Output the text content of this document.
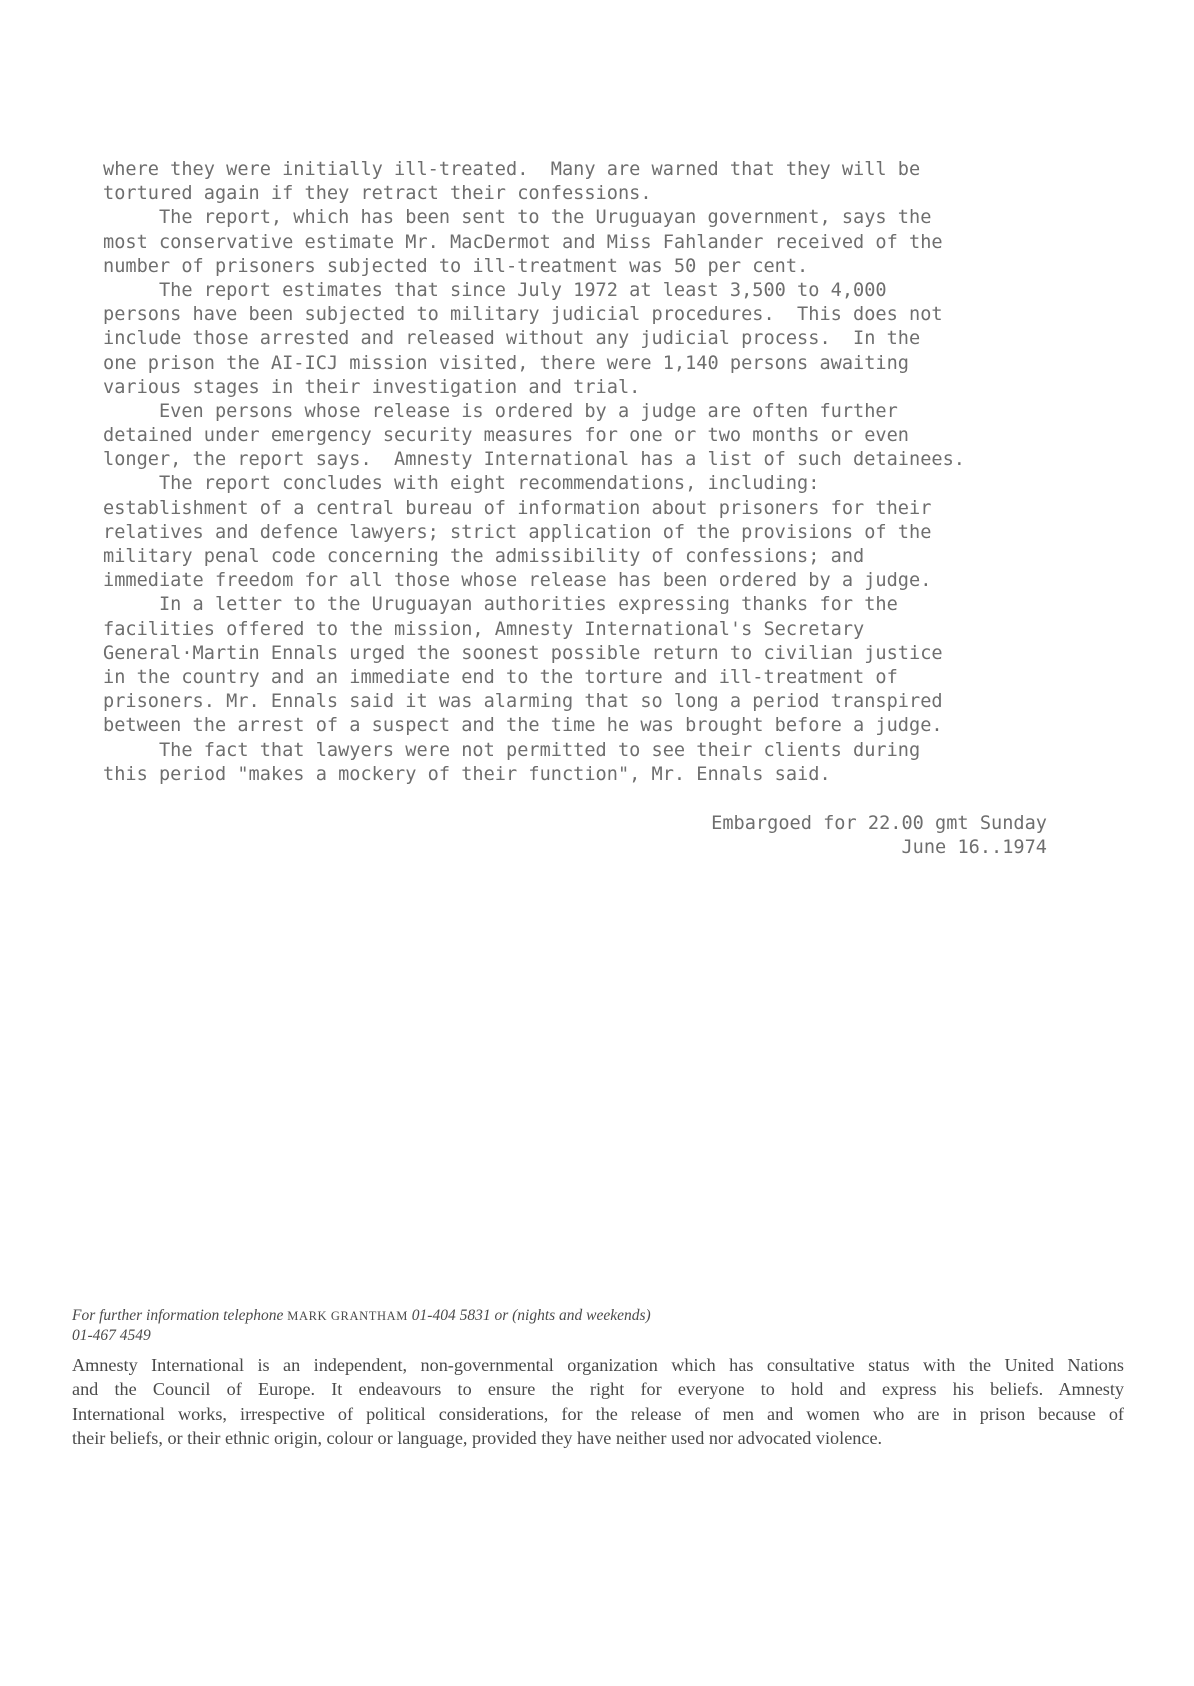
where they were initially ill-treated.  Many are warned that they will be
tortured again if they retract their confessions.
The report, which has been sent to the Uruguayan government, says the
most conservative estimate Mr. MacDermot and Miss Fahlander received of the
number of prisoners subjected to ill-treatment was 50 per cent.
The report estimates that since July 1972 at least 3,500 to 4,000
persons have been subjected to military judicial procedures.  This does not
include those arrested and released without any judicial process.  In the
one prison the AI-ICJ mission visited, there were 1,140 persons awaiting
various stages in their investigation and trial.
Even persons whose release is ordered by a judge are often further
detained under emergency security measures for one or two months or even
longer, the report says.  Amnesty International has a list of such detainees.
The report concludes with eight recommendations, including:
establishment of a central bureau of information about prisoners for their
relatives and defence lawyers; strict application of the provisions of the
military penal code concerning the admissibility of confessions; and
immediate freedom for all those whose release has been ordered by a judge.
In a letter to the Uruguayan authorities expressing thanks for the
facilities offered to the mission, Amnesty International's Secretary
General·Martin Ennals urged the soonest possible return to civilian justice
in the country and an immediate end to the torture and ill-treatment of
prisoners. Mr. Ennals said it was alarming that so long a period transpired
between the arrest of a suspect and the time he was brought before a judge.
The fact that lawyers were not permitted to see their clients during
this period "makes a mockery of their function", Mr. Ennals said.
Embargoed for 22.00 gmt Sunday
June 16..1974
For further information telephone MARK GRANTHAM 01-404 5831 or (nights and weekends)
01-467 4549
Amnesty International is an independent, non-governmental organization which has consultative status with the United Nations
and the Council of Europe. It endeavours to ensure the right for everyone to hold and express his beliefs. Amnesty
International works, irrespective of political considerations, for the release of men and women who are in prison because of
their beliefs, or their ethnic origin, colour or language, provided they have neither used nor advocated violence.
